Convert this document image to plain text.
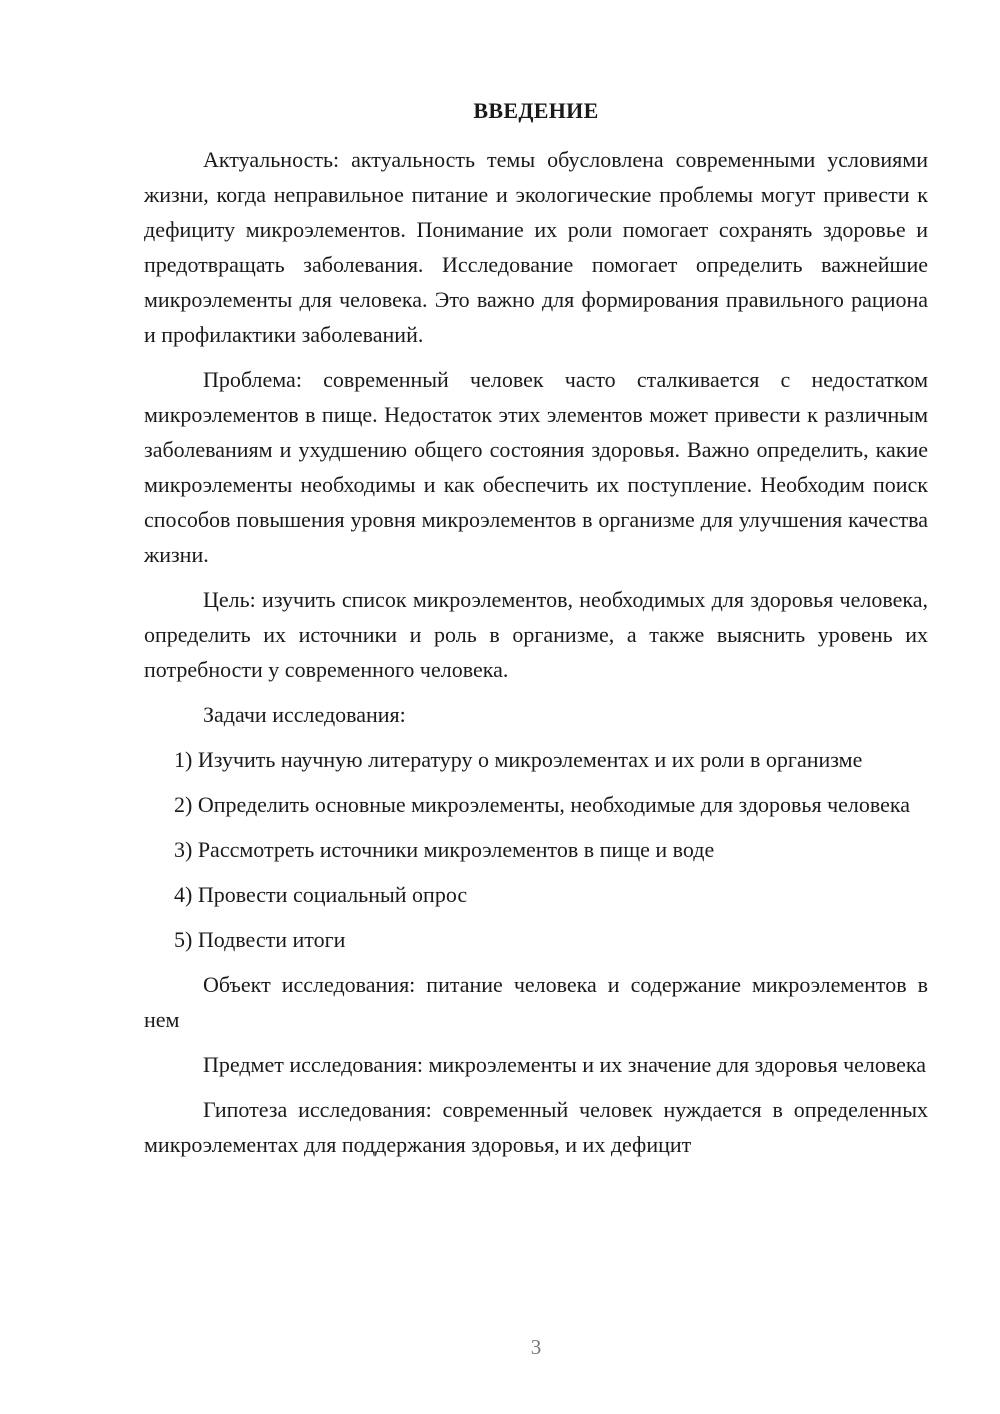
ВВЕДЕНИЕ

Актуальность: актуальность темы обусловлена современными условиями жизни, когда неправильное питание и экологические проблемы могут привести к дефициту микроэлементов. Понимание их роли помогает сохранять здоровье и предотвращать заболевания. Исследование помогает определить важнейшие микроэлементы для человека. Это важно для формирования правильного рациона и профилактики заболеваний.

Проблема: современный человек часто сталкивается с недостатком микроэлементов в пище. Недостаток этих элементов может привести к различным заболеваниям и ухудшению общего состояния здоровья. Важно определить, какие микроэлементы необходимы и как обеспечить их поступление. Необходим поиск способов повышения уровня микроэлементов в организме для улучшения качества жизни.

Цель: изучить список микроэлементов, необходимых для здоровья человека, определить их источники и роль в организме, а также выяснить уровень их потребности у современного человека.

Задачи исследования:

1) Изучить научную литературу о микроэлементах и их роли в организме

2) Определить основные микроэлементы, необходимые для здоровья человека

3) Рассмотреть источники микроэлементов в пище и воде

4) Провести социальный опрос

5) Подвести итоги

Объект исследования: питание человека и содержание микроэлементов в нем

Предмет исследования: микроэлементы и их значение для здоровья человека

Гипотеза исследования: современный человек нуждается в определенных микроэлементах для поддержания здоровья, и их дефицит

3
